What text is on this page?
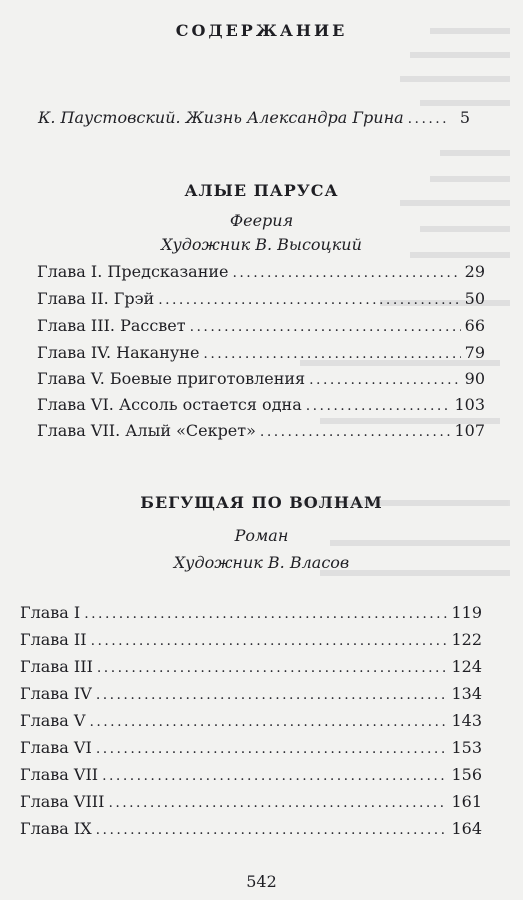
СОДЕРЖАНИЕ
К. Паустовский. Жизнь Александра Грина . . .	5
АЛЫЕ ПАРУСА
Феерия
Художник В. Высоцкий
Глава I. Предсказание . . .	29
Глава II. Грэй . . .	50
Глава III. Рассвет . . .	66
Глава IV. Накануне . . .	79
Глава V. Боевые приготовления . . .	90
Глава VI. Ассоль остается одна . . .	103
Глава VII. Алый «Секрет» . . .	107
БЕГУЩАЯ ПО ВОЛНАМ
Роман
Художник В. Власов
Глава I . . .	119
Глава II . . .	122
Глава III . . .	124
Глава IV . . .	134
Глава V . . .	143
Глава VI . . .	153
Глава VII . . .	156
Глава VIII . . .	161
Глава IX . . .	164
542
